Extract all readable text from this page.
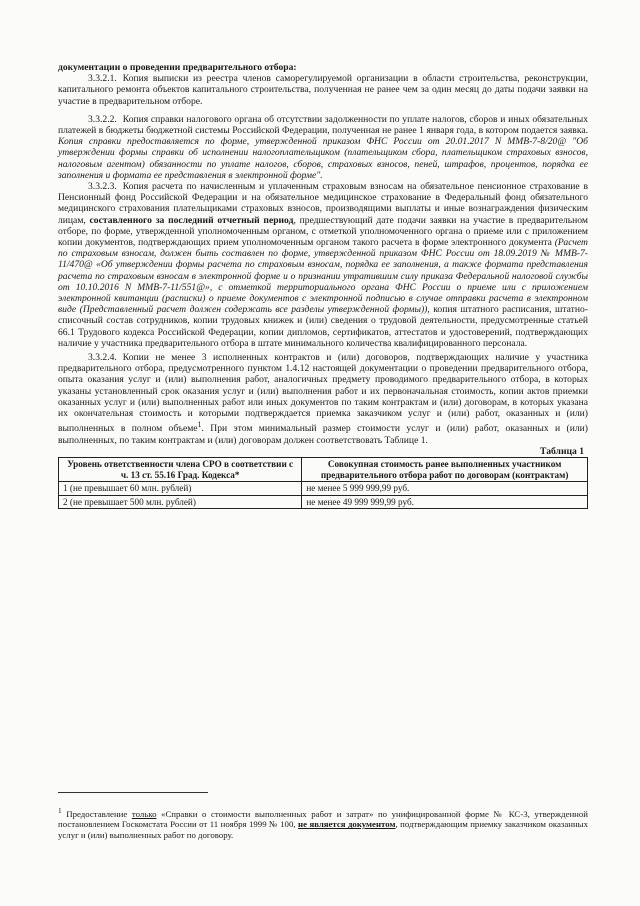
документации о проведении предварительного отбора:

3.3.2.1. Копия выписки из реестра членов саморегулируемой организации в области строительства, реконструкции, капитального ремонта объектов капитального строительства, полученная не ранее чем за один месяц до даты подачи заявки на участие в предварительном отборе.

3.3.2.2. Копия справки налогового органа об отсутствии задолженности по уплате налогов, сборов и иных обязательных платежей в бюджеты бюджетной системы Российской Федерации, полученная не ранее 1 января года, в котором подается заявка. Копия справки предоставляется по форме, утвержденной приказом ФНС России от 20.01.2017 N ММВ-7-8/20@ "Об утверждении формы справки об исполнении налогоплательщиком (плательщиком сбора, плательщиком страховых взносов, налоговым агентом) обязанности по уплате налогов, сборов, страховых взносов, пеней, штрафов, процентов, порядка ее заполнения и формата ее представления в электронной форме".

3.3.2.3. Копия расчета по начисленным и уплаченным страховым взносам на обязательное пенсионное страхование в Пенсионный фонд Российской Федерации и на обязательное медицинское страхование в Федеральный фонд обязательного медицинского страхования плательщиками страховых взносов, производящими выплаты и иные вознаграждения физическим лицам, составленного за последний отчетный период, предшествующий дате подачи заявки на участие в предварительном отборе, по форме, утвержденной уполномоченным органом, с отметкой уполномоченного органа о приеме или с приложением копии документов, подтверждающих прием уполномоченным органом такого расчета в форме электронного документа (Расчет по страховым взносам, должен быть составлен по форме, утвержденной приказом ФНС России от 18.09.2019 № ММВ-7-11/470@ «Об утверждении формы расчета по страховым взносам, порядка ее заполнения, а также формата представления расчета по страховым взносам в электронной форме и о признании утратившим силу приказа Федеральной налоговой службы от 10.10.2016 N ММВ-7-11/551@», с отметкой территориального органа ФНС России о приеме или с приложением электронной квитанции (расписки) о приеме документов с электронной подписью в случае отправки расчета в электронном виде (Представленный расчет должен содержать все разделы утвержденной формы)), копия штатного расписания, штатно-списочный состав сотрудников, копии трудовых книжек и (или) сведения о трудовой деятельности, предусмотренные статьей 66.1 Трудового кодекса Российской Федерации, копии дипломов, сертификатов, аттестатов и удостоверений, подтверждающих наличие у участника предварительного отбора в штате минимального количества квалифицированного персонала.

3.3.2.4. Копии не менее 3 исполненных контрактов и (или) договоров, подтверждающих наличие у участника предварительного отбора, предусмотренного пунктом 1.4.12 настоящей документации о проведении предварительного отбора, опыта оказания услуг и (или) выполнения работ, аналогичных предмету проводимого предварительного отбора, в которых указаны установленный срок оказания услуг и (или) выполнения работ и их первоначальная стоимость, копии актов приемки оказанных услуг и (или) выполненных работ или иных документов по таким контрактам и (или) договорам, в которых указана их окончательная стоимость и которыми подтверждается приемка заказчиком услуг и (или) работ, оказанных и (или) выполненных в полном объеме$^1$. При этом минимальный размер стоимости услуг и (или) работ, оказанных и (или) выполненных, по таким контрактам и (или) договорам должен соответствовать Таблице 1.

Таблица 1

Уровень ответственности члена СРО в соответствии с ч. 13 ст. 55.16 Град. Кодекса*	Совокупная стоимость ранее выполненных участником предварительного отбора работ по договорам (контрактам)
1 (не превышает 60 млн. рублей)	не менее 5 999 999,99 руб.
2 (не превышает 500 млн. рублей)	не менее 49 999 999,99 руб.

$^1$ Предоставление только «Справки о стоимости выполненных работ и затрат» по унифицированной форме № КС-3, утвержденной постановлением Госкомстата России от 11 ноября 1999 № 100, не является документом, подтверждающим приемку заказчиком оказанных услуг и (или) выполненных работ по договору.
